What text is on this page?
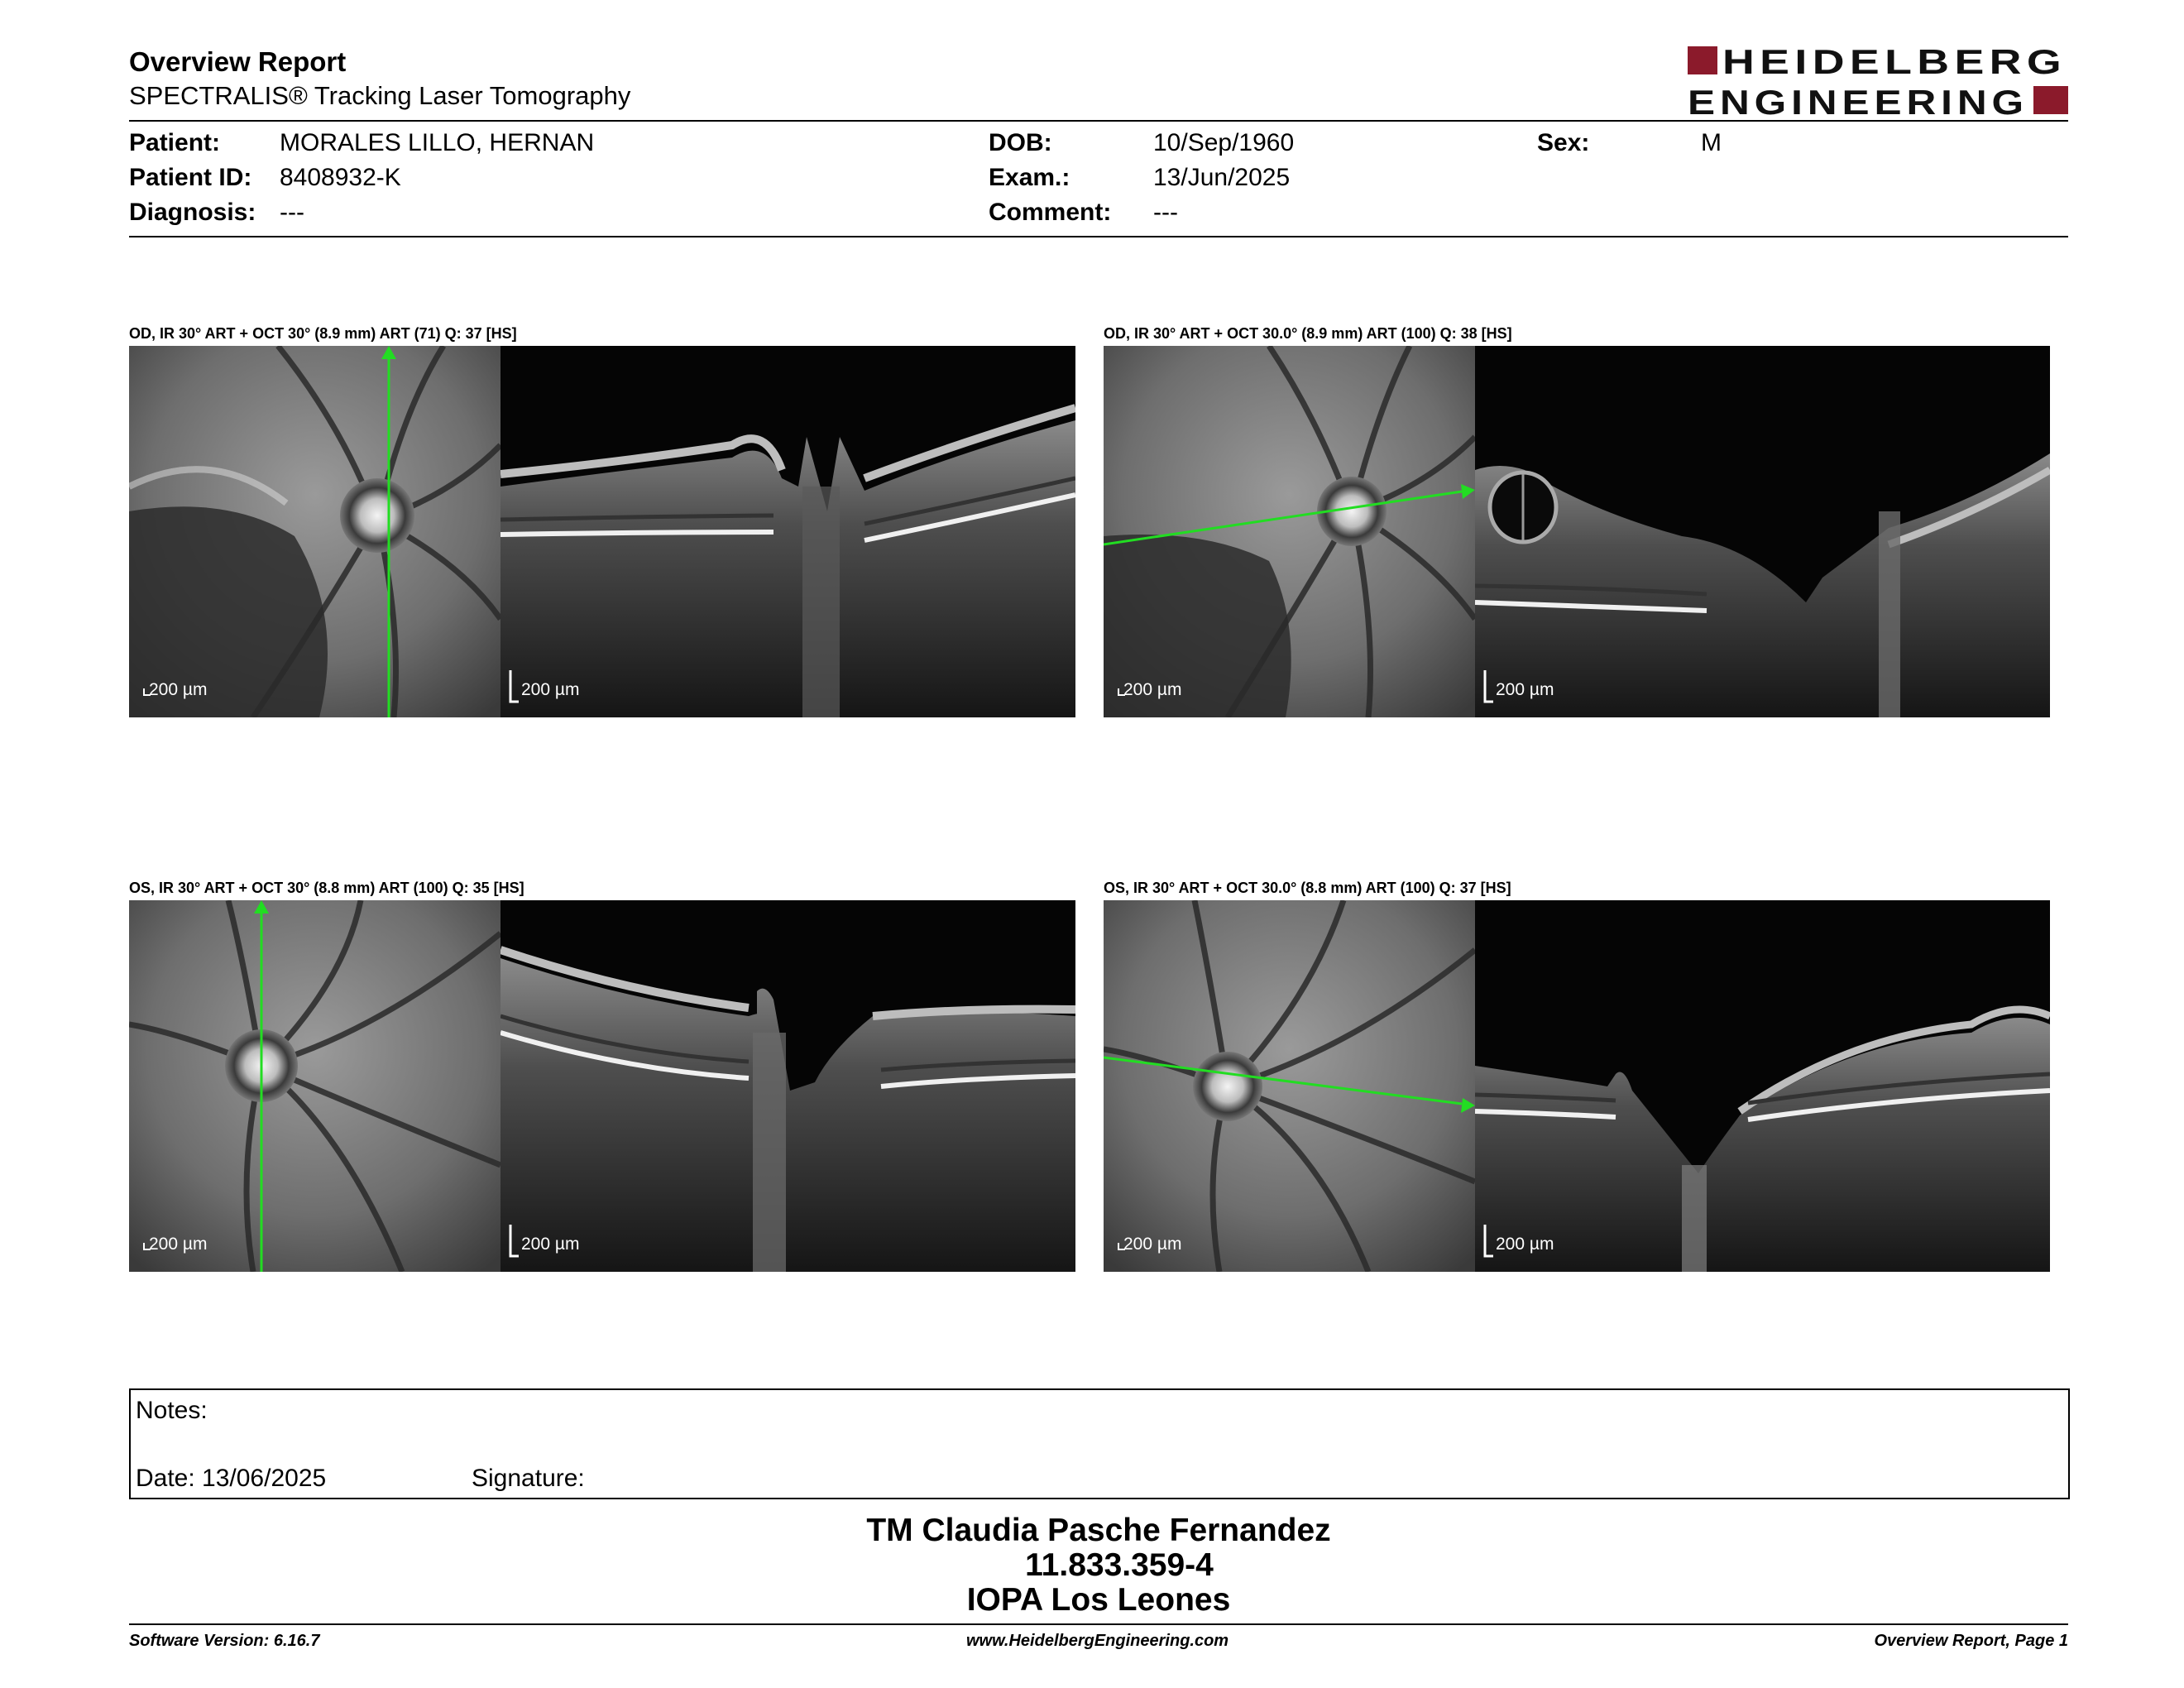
Overview Report
SPECTRALIS® Tracking Laser Tomography
HEIDELBERG
ENGINEERING
Patient: MORALES LILLO, HERNAN
Patient ID: 8408932-K
Diagnosis: ---
DOB:	10/Sep/1960
Exam.:	13/Jun/2025
Comment: ---
Sex:	M
OD, IR 30° ART + OCT 30° (8.9 mm) ART (71) Q: 37 [HS]
200 µm	200 µm
OD, IR 30° ART + OCT 30.0° (8.9 mm) ART (100) Q: 38 [HS]
200 µm	200 µm
OS, IR 30° ART + OCT 30° (8.8 mm) ART (100) Q: 35 [HS]
200 µm	200 µm
OS, IR 30° ART + OCT 30.0° (8.8 mm) ART (100) Q: 37 [HS]
200 µm	200 µm
Notes:
Date: 13/06/2025	Signature:
TM Claudia Pasche Fernandez
11.833.359-4
IOPA Los Leones
Software Version: 6.16.7	www.HeidelbergEngineering.com	Overview Report, Page 1
